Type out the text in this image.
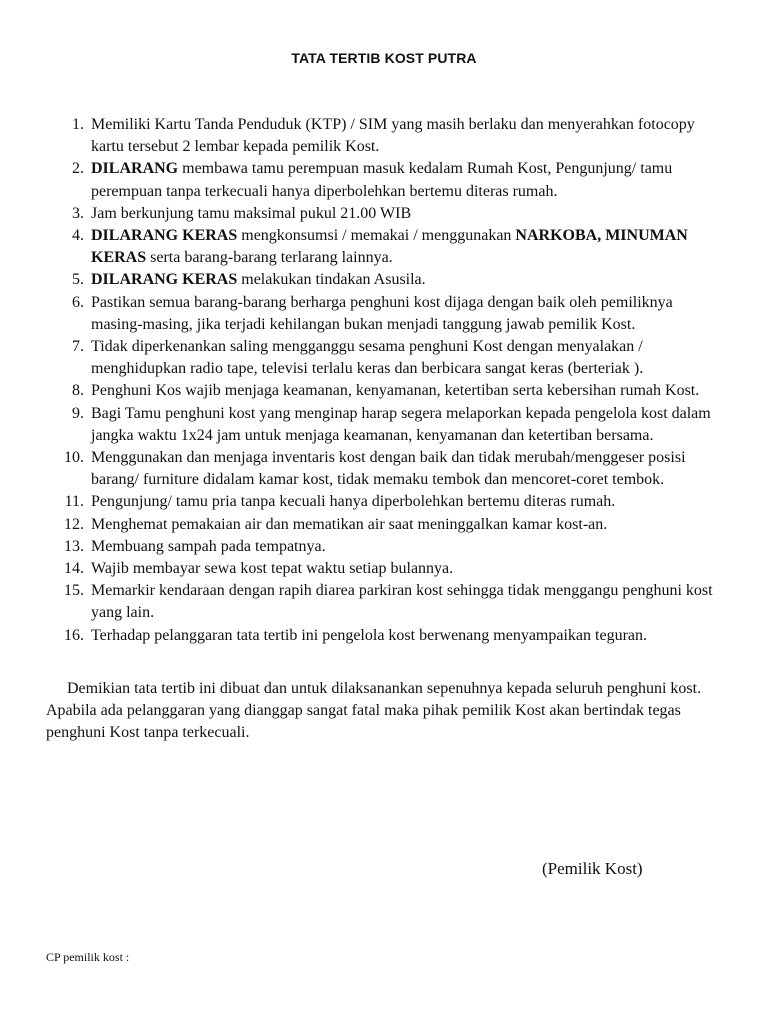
TATA TERTIB KOST PUTRA
1. Memiliki Kartu Tanda Penduduk (KTP) / SIM yang masih berlaku dan menyerahkan fotocopy kartu tersebut 2 lembar kepada pemilik Kost.
2. DILARANG membawa tamu perempuan masuk kedalam Rumah Kost, Pengunjung/ tamu perempuan tanpa terkecuali hanya diperbolehkan bertemu diteras rumah.
3. Jam berkunjung tamu maksimal pukul 21.00 WIB
4. DILARANG KERAS mengkonsumsi / memakai / menggunakan NARKOBA, MINUMAN KERAS serta barang-barang terlarang lainnya.
5. DILARANG KERAS melakukan tindakan Asusila.
6. Pastikan semua barang-barang berharga penghuni kost dijaga dengan baik oleh pemiliknya masing-masing, jika terjadi kehilangan bukan menjadi tanggung jawab pemilik Kost.
7. Tidak diperkenankan saling mengganggu sesama penghuni Kost dengan menyalakan / menghidupkan radio tape, televisi terlalu keras dan berbicara sangat keras (berteriak ).
8. Penghuni Kos wajib menjaga keamanan, kenyamanan, ketertiban serta kebersihan rumah Kost.
9. Bagi Tamu penghuni kost yang menginap harap segera melaporkan kepada pengelola kost dalam jangka waktu 1x24 jam untuk menjaga keamanan, kenyamanan dan ketertiban bersama.
10. Menggunakan dan menjaga inventaris kost dengan baik dan tidak merubah/menggeser posisi barang/ furniture didalam kamar kost, tidak memaku tembok dan mencoret-coret tembok.
11. Pengunjung/ tamu pria tanpa kecuali hanya diperbolehkan bertemu diteras rumah.
12. Menghemat pemakaian air dan mematikan air saat meninggalkan kamar kost-an.
13. Membuang sampah pada tempatnya.
14. Wajib membayar sewa kost tepat waktu setiap bulannya.
15. Memarkir kendaraan dengan rapih diarea parkiran kost sehingga tidak menggangu penghuni kost yang lain.
16. Terhadap pelanggaran tata tertib ini pengelola kost berwenang menyampaikan teguran.

Demikian tata tertib ini dibuat dan untuk dilaksanankan sepenuhnya kepada seluruh penghuni kost. Apabila ada pelanggaran yang dianggap sangat fatal maka pihak pemilik Kost akan bertindak tegas penghuni Kost tanpa terkecuali.

(Pemilik Kost)
CP pemilik kost :
